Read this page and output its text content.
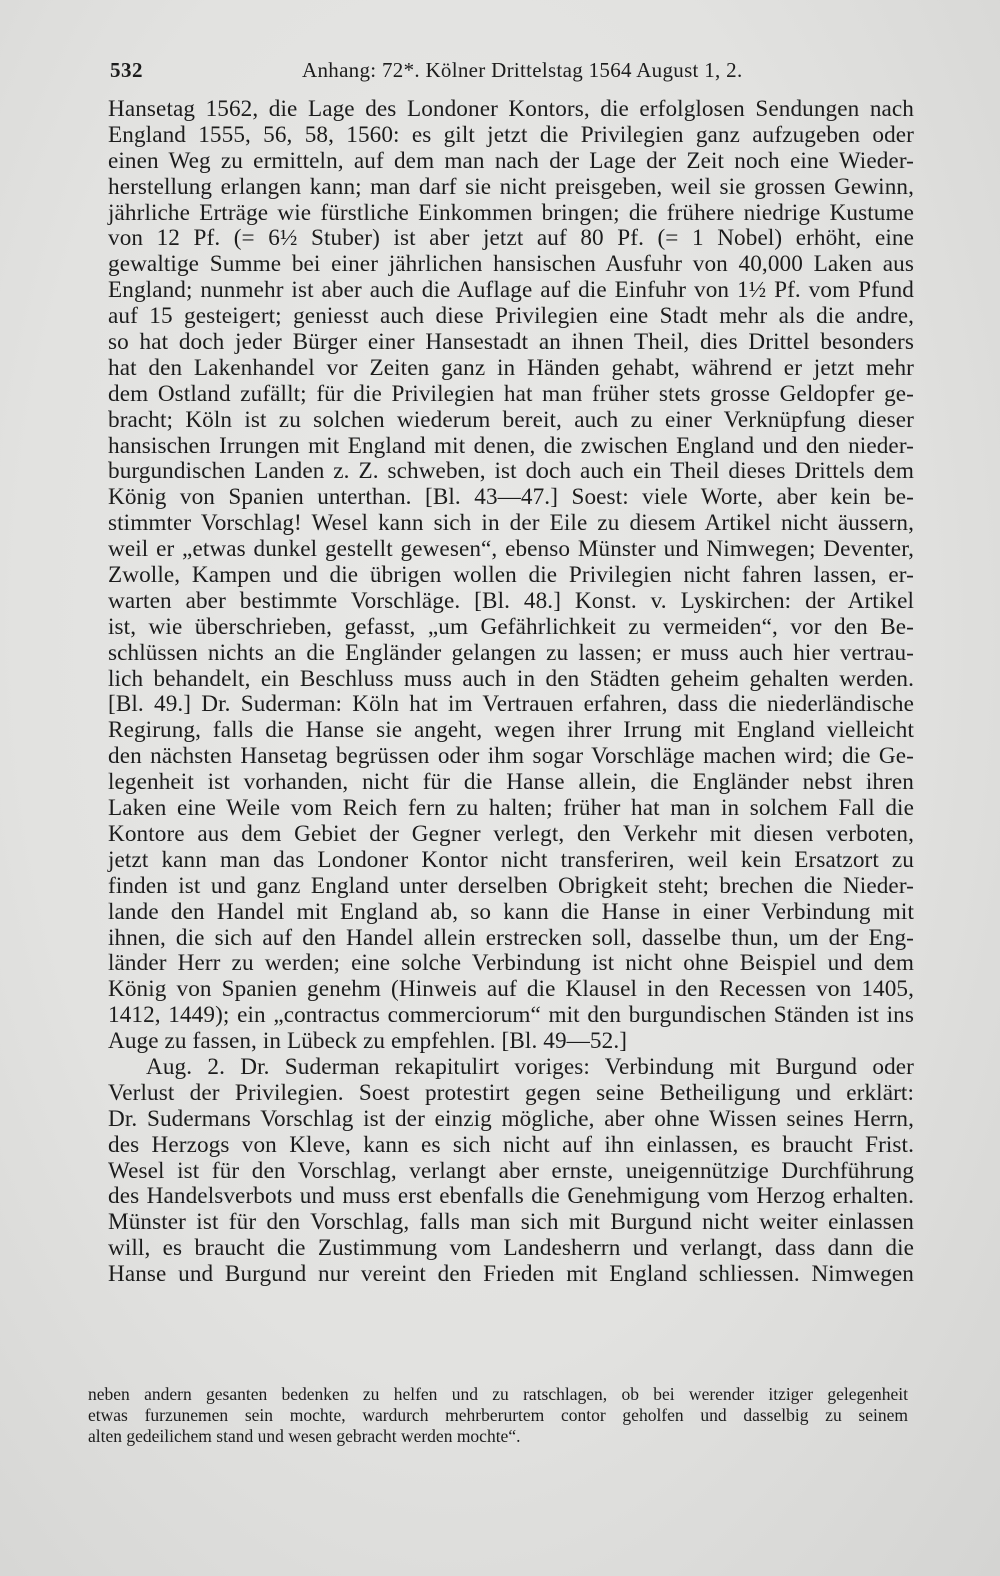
532	Anhang: 72*. Kölner Drittelstag 1564 August 1, 2.
Hansetag 1562, die Lage des Londoner Kontors, die erfolglosen Sendungen nach
England 1555, 56, 58, 1560: es gilt jetzt die Privilegien ganz aufzugeben oder
einen Weg zu ermitteln, auf dem man nach der Lage der Zeit noch eine Wieder-
herstellung erlangen kann; man darf sie nicht preisgeben, weil sie grossen Gewinn,
jährliche Erträge wie fürstliche Einkommen bringen; die frühere niedrige Kustume
von 12 Pf. (= 6½ Stuber) ist aber jetzt auf 80 Pf. (= 1 Nobel) erhöht, eine
gewaltige Summe bei einer jährlichen hansischen Ausfuhr von 40,000 Laken aus
England; nunmehr ist aber auch die Auflage auf die Einfuhr von 1½ Pf. vom Pfund
auf 15 gesteigert; geniesst auch diese Privilegien eine Stadt mehr als die andre,
so hat doch jeder Bürger einer Hansestadt an ihnen Theil, dies Drittel besonders
hat den Lakenhandel vor Zeiten ganz in Händen gehabt, während er jetzt mehr
dem Ostland zufällt; für die Privilegien hat man früher stets grosse Geldopfer ge-
bracht; Köln ist zu solchen wiederum bereit, auch zu einer Verknüpfung dieser
hansischen Irrungen mit England mit denen, die zwischen England und den nieder-
burgundischen Landen z. Z. schweben, ist doch auch ein Theil dieses Drittels dem
König von Spanien unterthan. [Bl. 43—47.] Soest: viele Worte, aber kein be-
stimmter Vorschlag! Wesel kann sich in der Eile zu diesem Artikel nicht äussern,
weil er „etwas dunkel gestellt gewesen“, ebenso Münster und Nimwegen; Deventer,
Zwolle, Kampen und die übrigen wollen die Privilegien nicht fahren lassen, er-
warten aber bestimmte Vorschläge. [Bl. 48.] Konst. v. Lyskirchen: der Artikel
ist, wie überschrieben, gefasst, „um Gefährlichkeit zu vermeiden“, vor den Be-
schlüssen nichts an die Engländer gelangen zu lassen; er muss auch hier vertrau-
lich behandelt, ein Beschluss muss auch in den Städten geheim gehalten werden.
[Bl. 49.] Dr. Suderman: Köln hat im Vertrauen erfahren, dass die niederländische
Regirung, falls die Hanse sie angeht, wegen ihrer Irrung mit England vielleicht
den nächsten Hansetag begrüssen oder ihm sogar Vorschläge machen wird; die Ge-
legenheit ist vorhanden, nicht für die Hanse allein, die Engländer nebst ihren
Laken eine Weile vom Reich fern zu halten; früher hat man in solchem Fall die
Kontore aus dem Gebiet der Gegner verlegt, den Verkehr mit diesen verboten,
jetzt kann man das Londoner Kontor nicht transferiren, weil kein Ersatzort zu
finden ist und ganz England unter derselben Obrigkeit steht; brechen die Nieder-
lande den Handel mit England ab, so kann die Hanse in einer Verbindung mit
ihnen, die sich auf den Handel allein erstrecken soll, dasselbe thun, um der Eng-
länder Herr zu werden; eine solche Verbindung ist nicht ohne Beispiel und dem
König von Spanien genehm (Hinweis auf die Klausel in den Recessen von 1405,
1412, 1449); ein „contractus commerciorum“ mit den burgundischen Ständen ist ins
Auge zu fassen, in Lübeck zu empfehlen. [Bl. 49—52.]
Aug. 2. Dr. Suderman rekapitulirt voriges: Verbindung mit Burgund oder
Verlust der Privilegien. Soest protestirt gegen seine Betheiligung und erklärt:
Dr. Sudermans Vorschlag ist der einzig mögliche, aber ohne Wissen seines Herrn,
des Herzogs von Kleve, kann es sich nicht auf ihn einlassen, es braucht Frist.
Wesel ist für den Vorschlag, verlangt aber ernste, uneigennützige Durchführung
des Handelsverbots und muss erst ebenfalls die Genehmigung vom Herzog erhalten.
Münster ist für den Vorschlag, falls man sich mit Burgund nicht weiter einlassen
will, es braucht die Zustimmung vom Landesherrn und verlangt, dass dann die
Hanse und Burgund nur vereint den Frieden mit England schliessen. Nimwegen
neben andern gesanten bedenken zu helfen und zu ratschlagen, ob bei werender itziger gelegenheit
etwas furzunemen sein mochte, wardurch mehrberurtem contor geholfen und dasselbig zu seinem
alten gedeilichem stand und wesen gebracht werden mochte“.
